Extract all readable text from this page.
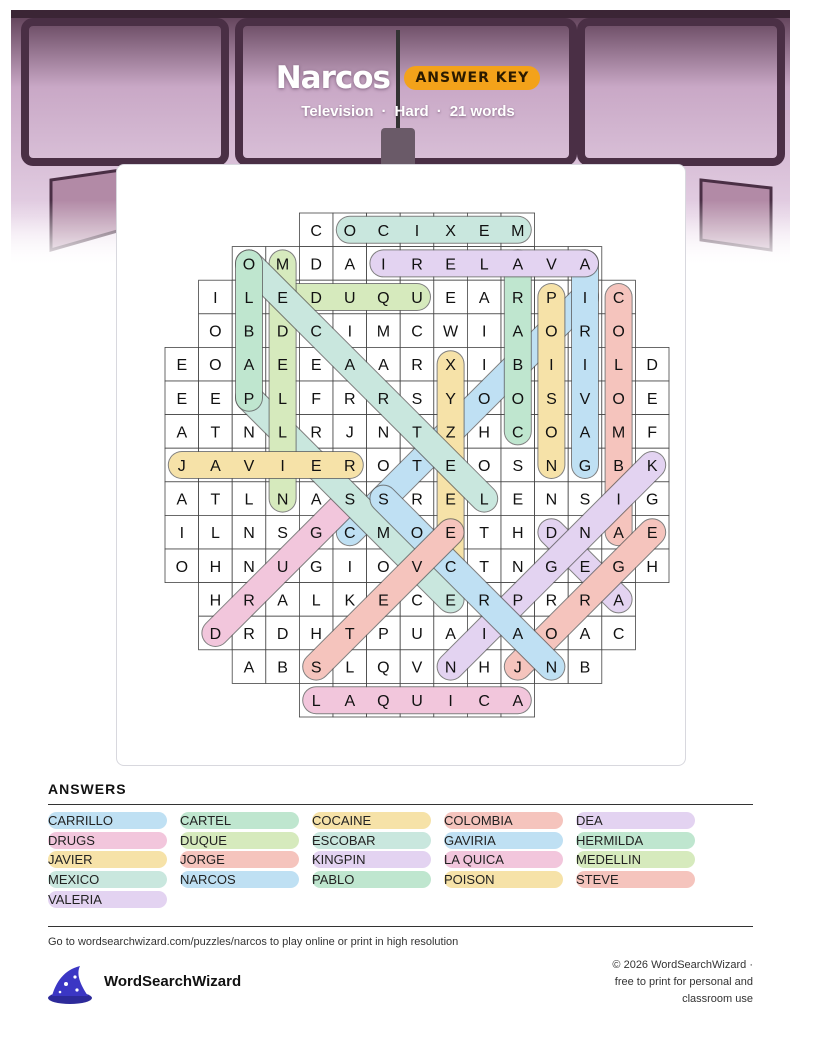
Narcos ANSWER KEY
Television · Hard · 21 words
C O C I X E M
O M D A I R E L A V A
I L E D U Q U E A R P I C
O B D C I M C W I A O R O
E O A E E A A R X I B I I L D
E E P L F R R S Y O O S V O E
A T N L R J N T Z H C O A M F
J A V I E R O T E O S N G B K
A T L N A S S R E L E N S I G
I L N S G C M O E T H D N A E
O H N U G I O V C T N G E G H
H R A L K E C E R P R R A
D R D H T P U A I A O A C
A B S L Q V N H J N B
L A Q U I C A
ANSWERS
CARRILLO	CARTEL	COCAINE	COLOMBIA	DEA
DRUGS	DUQUE	ESCOBAR	GAVIRIA	HERMILDA
JAVIER	JORGE	KINGPIN	LA QUICA	MEDELLIN
MEXICO	NARCOS	PABLO	POISON	STEVE
VALERIA
Go to wordsearchwizard.com/puzzles/narcos to play online or print in high resolution
WordSearchWizard
© 2026 WordSearchWizard ·
free to print for personal and
classroom use
